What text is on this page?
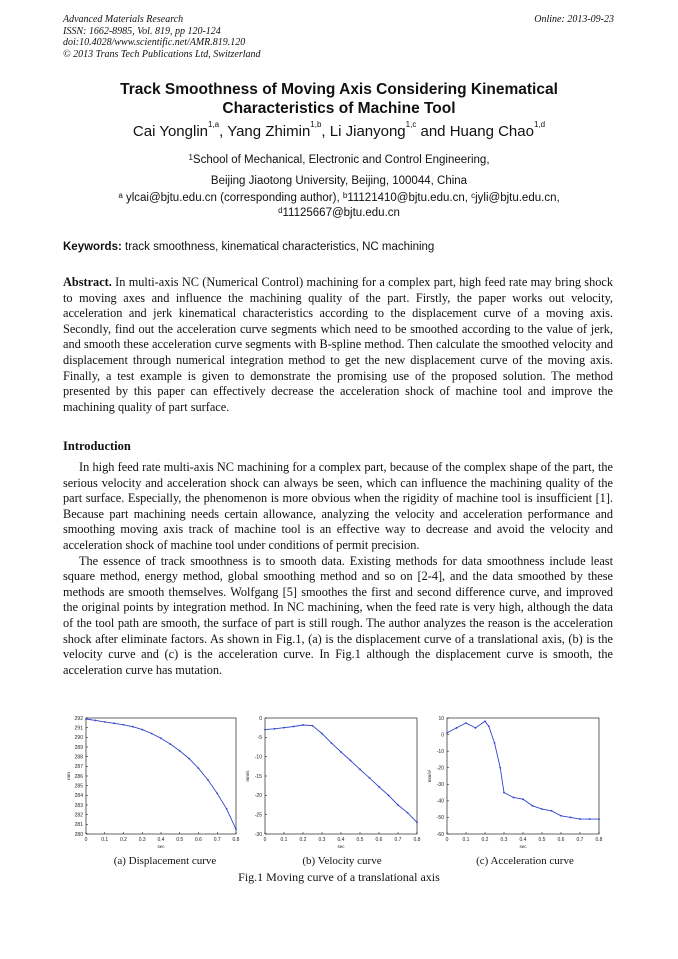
Advanced Materials Research
ISSN: 1662-8985, Vol. 819, pp 120-124
doi:10.4028/www.scientific.net/AMR.819.120
© 2013 Trans Tech Publications Ltd, Switzerland
Online: 2013-09-23
Track Smoothness of Moving Axis Considering Kinematical
Characteristics of Machine Tool
Cai Yonglin$^{1,a}$, Yang Zhimin$^{1,b}$, Li Jianyong$^{1,c}$ and Huang Chao$^{1,d}$
$^1$School of Mechanical, Electronic and Control Engineering,
Beijing Jiaotong University, Beijing, 100044, China
$^a$ ylcai@bjtu.edu.cn (corresponding author), $^b$11121410@bjtu.edu.cn, $^c$jyli@bjtu.edu.cn,
$^d$11125667@bjtu.edu.cn
Keywords: track smoothness, kinematical characteristics, NC machining
Abstract. In multi-axis NC (Numerical Control) machining for a complex part, high feed rate may bring shock to moving axes and influence the machining quality of the part. Firstly, the paper works out velocity, acceleration and jerk kinematical characteristics according to the displacement curve of a moving axis. Secondly, find out the acceleration curve segments which need to be smoothed according to the value of jerk, and smooth these acceleration curve segments with B-spline method. Then calculate the smoothed velocity and displacement through numerical integration method to get the new displacement curve of the moving axis. Finally, a test example is given to demonstrate the promising use of the proposed solution. The method presented by this paper can effectively decrease the acceleration shock of machine tool and improve the machining quality of part surface.
Introduction

In high feed rate multi-axis NC machining for a complex part, because of the complex shape of the part, the serious velocity and acceleration shock can always be seen, which can influence the machining quality of the part surface. Especially, the phenomenon is more obvious when the rigidity of machine tool is insufficient [1]. Because part machining needs certain allowance, analyzing the velocity and acceleration performance and smoothing moving axis track of machine tool is an effective way to decrease and avoid the velocity and acceleration shock of machine tool under conditions of permit precision.

The essence of track smoothness is to smooth data. Existing methods for data smoothness include least square method, energy method, global smoothing method and so on [2-4], and the data smoothed by these methods are smooth themselves. Wolfgang [5] smoothes the first and second difference curve, and improved the original points by integration method. In NC machining, when the feed rate is very high, although the data of the tool path are smooth, the surface of part is still rough. The author analyzes the reason is the acceleration shock after eliminate factors. As shown in Fig.1, (a) is the displacement curve of a translational axis, (b) is the velocity curve and (c) is the acceleration curve. In Fig.1 although the displacement curve is smooth, the acceleration curve has mutation.

0	0.1 0.2 0.3 0.4 0.5 0.6 0.7 0.8
280
281
282
283
284
285
286
287
288
289
290
291
292
sec
mm
0	0.1 0.2 0.3 0.4 0.5 0.6 0.7 0.8
0
-5
-10
-15
-20
-25
-30
sec
mm/s
0	0.1 0.2 0.3 0.4 0.5 0.6 0.7 0.8
10
0
-10
-20
-30
-40
-50
-60
sec
mm/s²
(a) Displacement curve	(b) Velocity curve	(c) Acceleration curve
Fig.1 Moving curve of a translational axis
